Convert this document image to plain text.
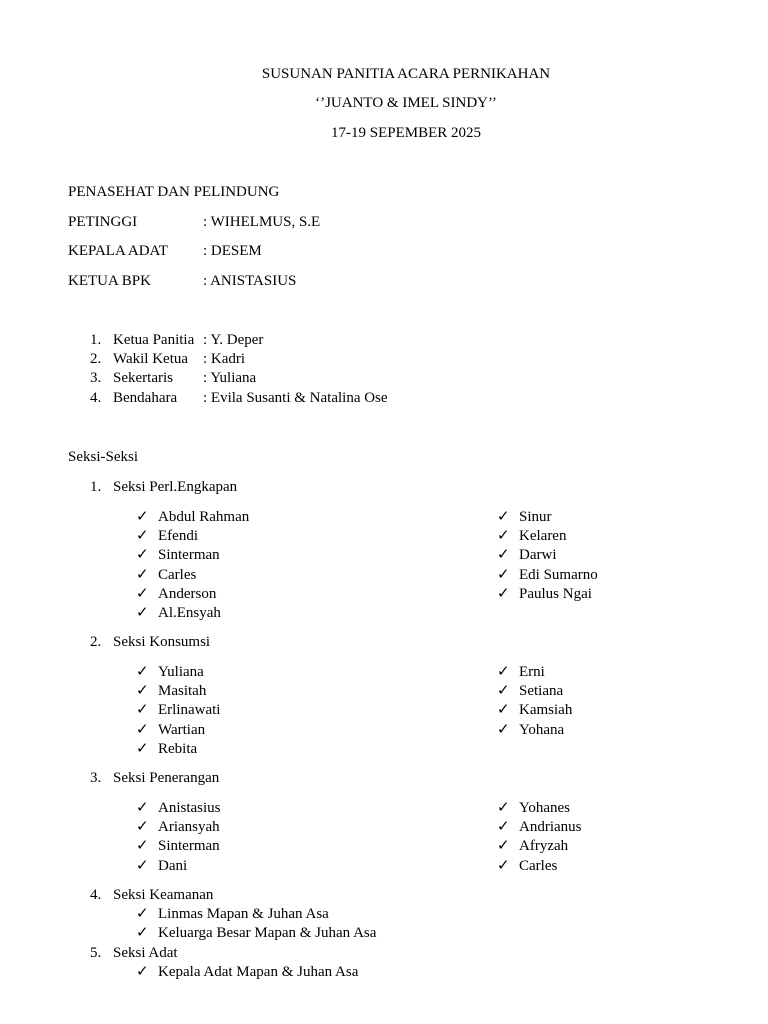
SUSUNAN PANITIA ACARA PERNIKAHAN
‘’JUANTO & IMEL SINDY’’
17-19 SEPEMBER 2025
PENASEHAT DAN PELINDUNG
PETINGGI	: WIHELMUS, S.E
KEPALA ADAT : DESEM
KETUA BPK	: ANISTASIUS
1. Ketua Panitia : Y. Deper
2. Wakil Ketua : Kadri
3. Sekertaris : Yuliana
4. Bendahara : Evila Susanti & Natalina Ose
Seksi-Seksi
1. Seksi Perl.Engkapan
✓ Abdul Rahman
✓ Efendi
✓ Sinterman
✓ Carles
✓ Anderson
✓ Al.Ensyah
✓ Sinur
✓ Kelaren
✓ Darwi
✓ Edi Sumarno
✓ Paulus Ngai
2. Seksi Konsumsi
✓ Yuliana
✓ Masitah
✓ Erlinawati
✓ Wartian
✓ Rebita
✓ Erni
✓ Setiana
✓ Kamsiah
✓ Yohana
3. Seksi Penerangan
✓ Anistasius
✓ Ariansyah
✓ Sinterman
✓ Dani
✓ Yohanes
✓ Andrianus
✓ Afryzah
✓ Carles
4. Seksi Keamanan
✓ Linmas Mapan & Juhan Asa
✓ Keluarga Besar Mapan & Juhan Asa
5. Seksi Adat
✓ Kepala Adat Mapan & Juhan Asa
